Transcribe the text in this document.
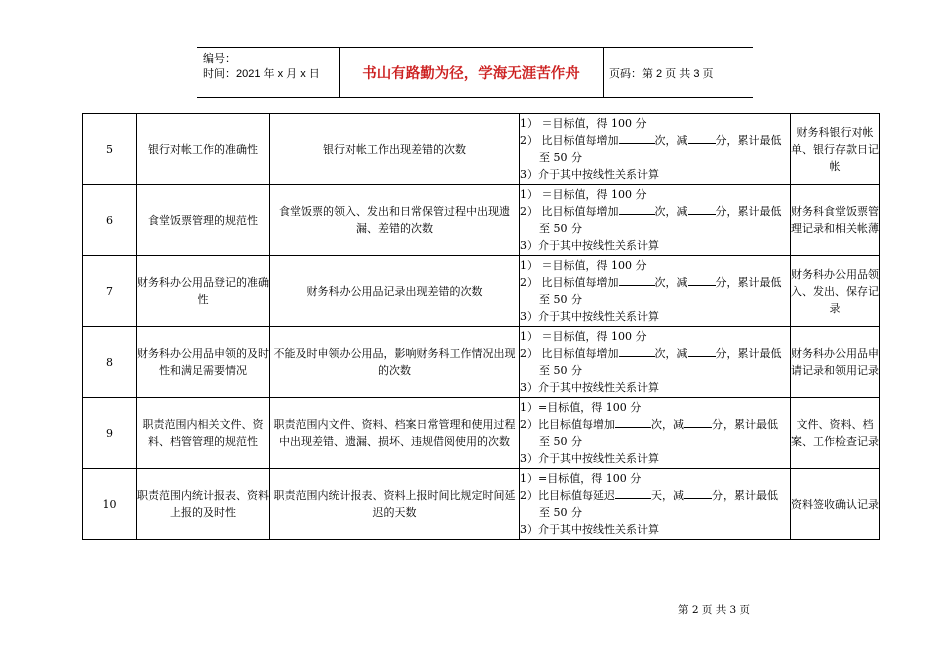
编号：
时间：2021 年 x 月 x 日	书山有路勤为径，学海无涯苦作舟	页码：第 2 页 共 3 页
5	银行对帐工作的准确性	银行对帐工作出现差错的次数	1） ＝目标值，得 100 分
2） 比目标值每增加 次，减 分，累计最低
至 50 分
3）介于其中按线性关系计算	财务科银行对帐单、银行存款日记帐
6	食堂饭票管理的规范性	食堂饭票的领入、发出和日常保管过程中出现遗漏、差错的次数	1） ＝目标值，得 100 分
2） 比目标值每增加 次，减 分，累计最低
至 50 分
3）介于其中按线性关系计算	财务科食堂饭票管理记录和相关帐薄
7	财务科办公用品登记的准确性	财务科办公用品记录出现差错的次数	1） ＝目标值，得 100 分
2） 比目标值每增加 次，减 分，累计最低
至 50 分
3）介于其中按线性关系计算	财务科办公用品领入、发出、保存记录
8	财务科办公用品申领的及时性和满足需要情况	不能及时申领办公用品，影响财务科工作情况出现的次数	1） ＝目标值，得 100 分
2） 比目标值每增加 次，减 分，累计最低
至 50 分
3）介于其中按线性关系计算	财务科办公用品申请记录和领用记录
9	职责范围内相关文件、资料、档管管理的规范性	职责范围内文件、资料、档案日常管理和使用过程中出现差错、遗漏、损坏、违规借阅使用的次数	1）=目标值，得 100 分
2）比目标值每增加 次，减 分，累计最低
至 50 分
3）介于其中按线性关系计算	文件、资料、档案、工作检查记录
10	职责范围内统计报表、资料上报的及时性	职责范围内统计报表、资料上报时间比规定时间延迟的天数	1）=目标值，得 100 分
2）比目标值每延迟 天，减 分，累计最低
至 50 分
3）介于其中按线性关系计算	资料签收确认记录
第 2 页 共 3 页
